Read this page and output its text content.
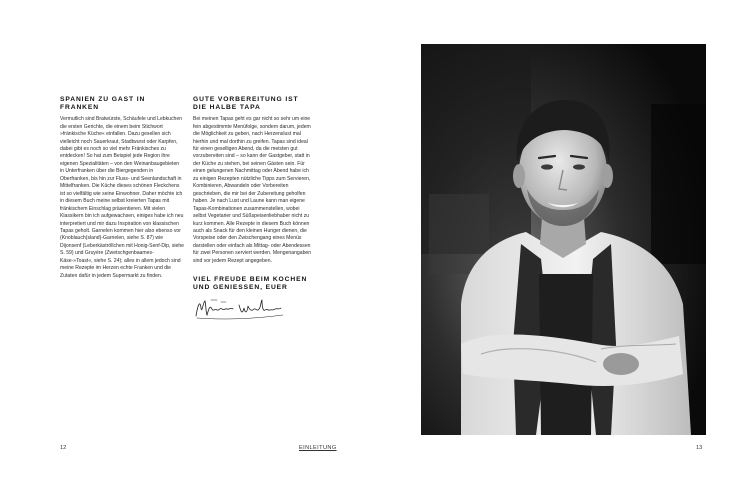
SPANIEN ZU GAST IN FRANKEN

Vermutlich sind Bratwürste, Schäufele und Lebkuchen die ersten Gerichte, die einem beim Stichwort »fränkische Küche« einfallen. Dazu gesellen sich vielleicht noch Sauerkraut, Stadtwurst oder Karpfen, dabei gibt es noch so viel mehr Fränkisches zu entdecken! So hat zum Beispiel jede Region ihre eigenen Spezialitäten – von den Weinanbaugebieten in Unterfranken über die Biergegenden in Oberfranken, bis hin zur Fluss- und Seenlandschaft in Mittelfranken. Die Küche dieses schönen Fleckchens ist so vielfältig wie seine Einwohner. Daher möchte ich in diesem Buch meine selbst kreierten Tapas mit fränkischem Einschlag präsentieren. Mit vielen Klassikern bin ich aufgewachsen, einiges habe ich neu interpretiert und mir dazu Inspiration von klassischen Tapas geholt. Garnelen kommen hier also ebenso vor (Knoblauch(sland)-Garnelen, siehe S. 87) wie Dijonsenf (Leberkäströllchen mit Honig-Senf-Dip, siehe S. 59) und Gruyère (Zwetschgenbaames-Käse-»Toast«, siehe S. 24); alles in allem jedoch sind meine Rezepte im Herzen echte Franken und die Zutaten dafür in jedem Supermarkt zu finden.

GUTE VORBEREITUNG IST DIE HALBE TAPA

Bei meinen Tapas geht es gar nicht so sehr um eine fein abgestimmte Menüfolge, sondern darum, jedem die Möglichkeit zu geben, nach Herzenslust mal hierhin und mal dorthin zu greifen. Tapas sind ideal für einen geselligen Abend, da die meisten gut vorzubereiten sind – so kann der Gastgeber, statt in der Küche zu stehen, bei seinen Gästen sein. Für einen gelungenen Nachmittag oder Abend habe ich zu einigen Rezepten nützliche Tipps zum Servieren, Kombinieren, Abwandeln oder Vorbereiten geschrieben, die mir bei der Zubereitung geholfen haben. Je nach Lust und Laune kann man eigene Tapas-Kombinationen zusammenstellen, wobei selbst Vegetarier und Süßspeisenliebhaber nicht zu kurz kommen. Alle Rezepte in diesem Buch können auch als Snack für den kleinen Hunger dienen, die Vorspeise oder den Zwischengang eines Menüs darstellen oder einfach als Mittag- oder Abendessen für zwei Personen serviert werden. Mengenangaben sind vor jedem Rezept angegeben.

VIEL FREUDE BEIM KOCHEN UND GENIESSEN, EUER
12	EINLEITUNG	13
